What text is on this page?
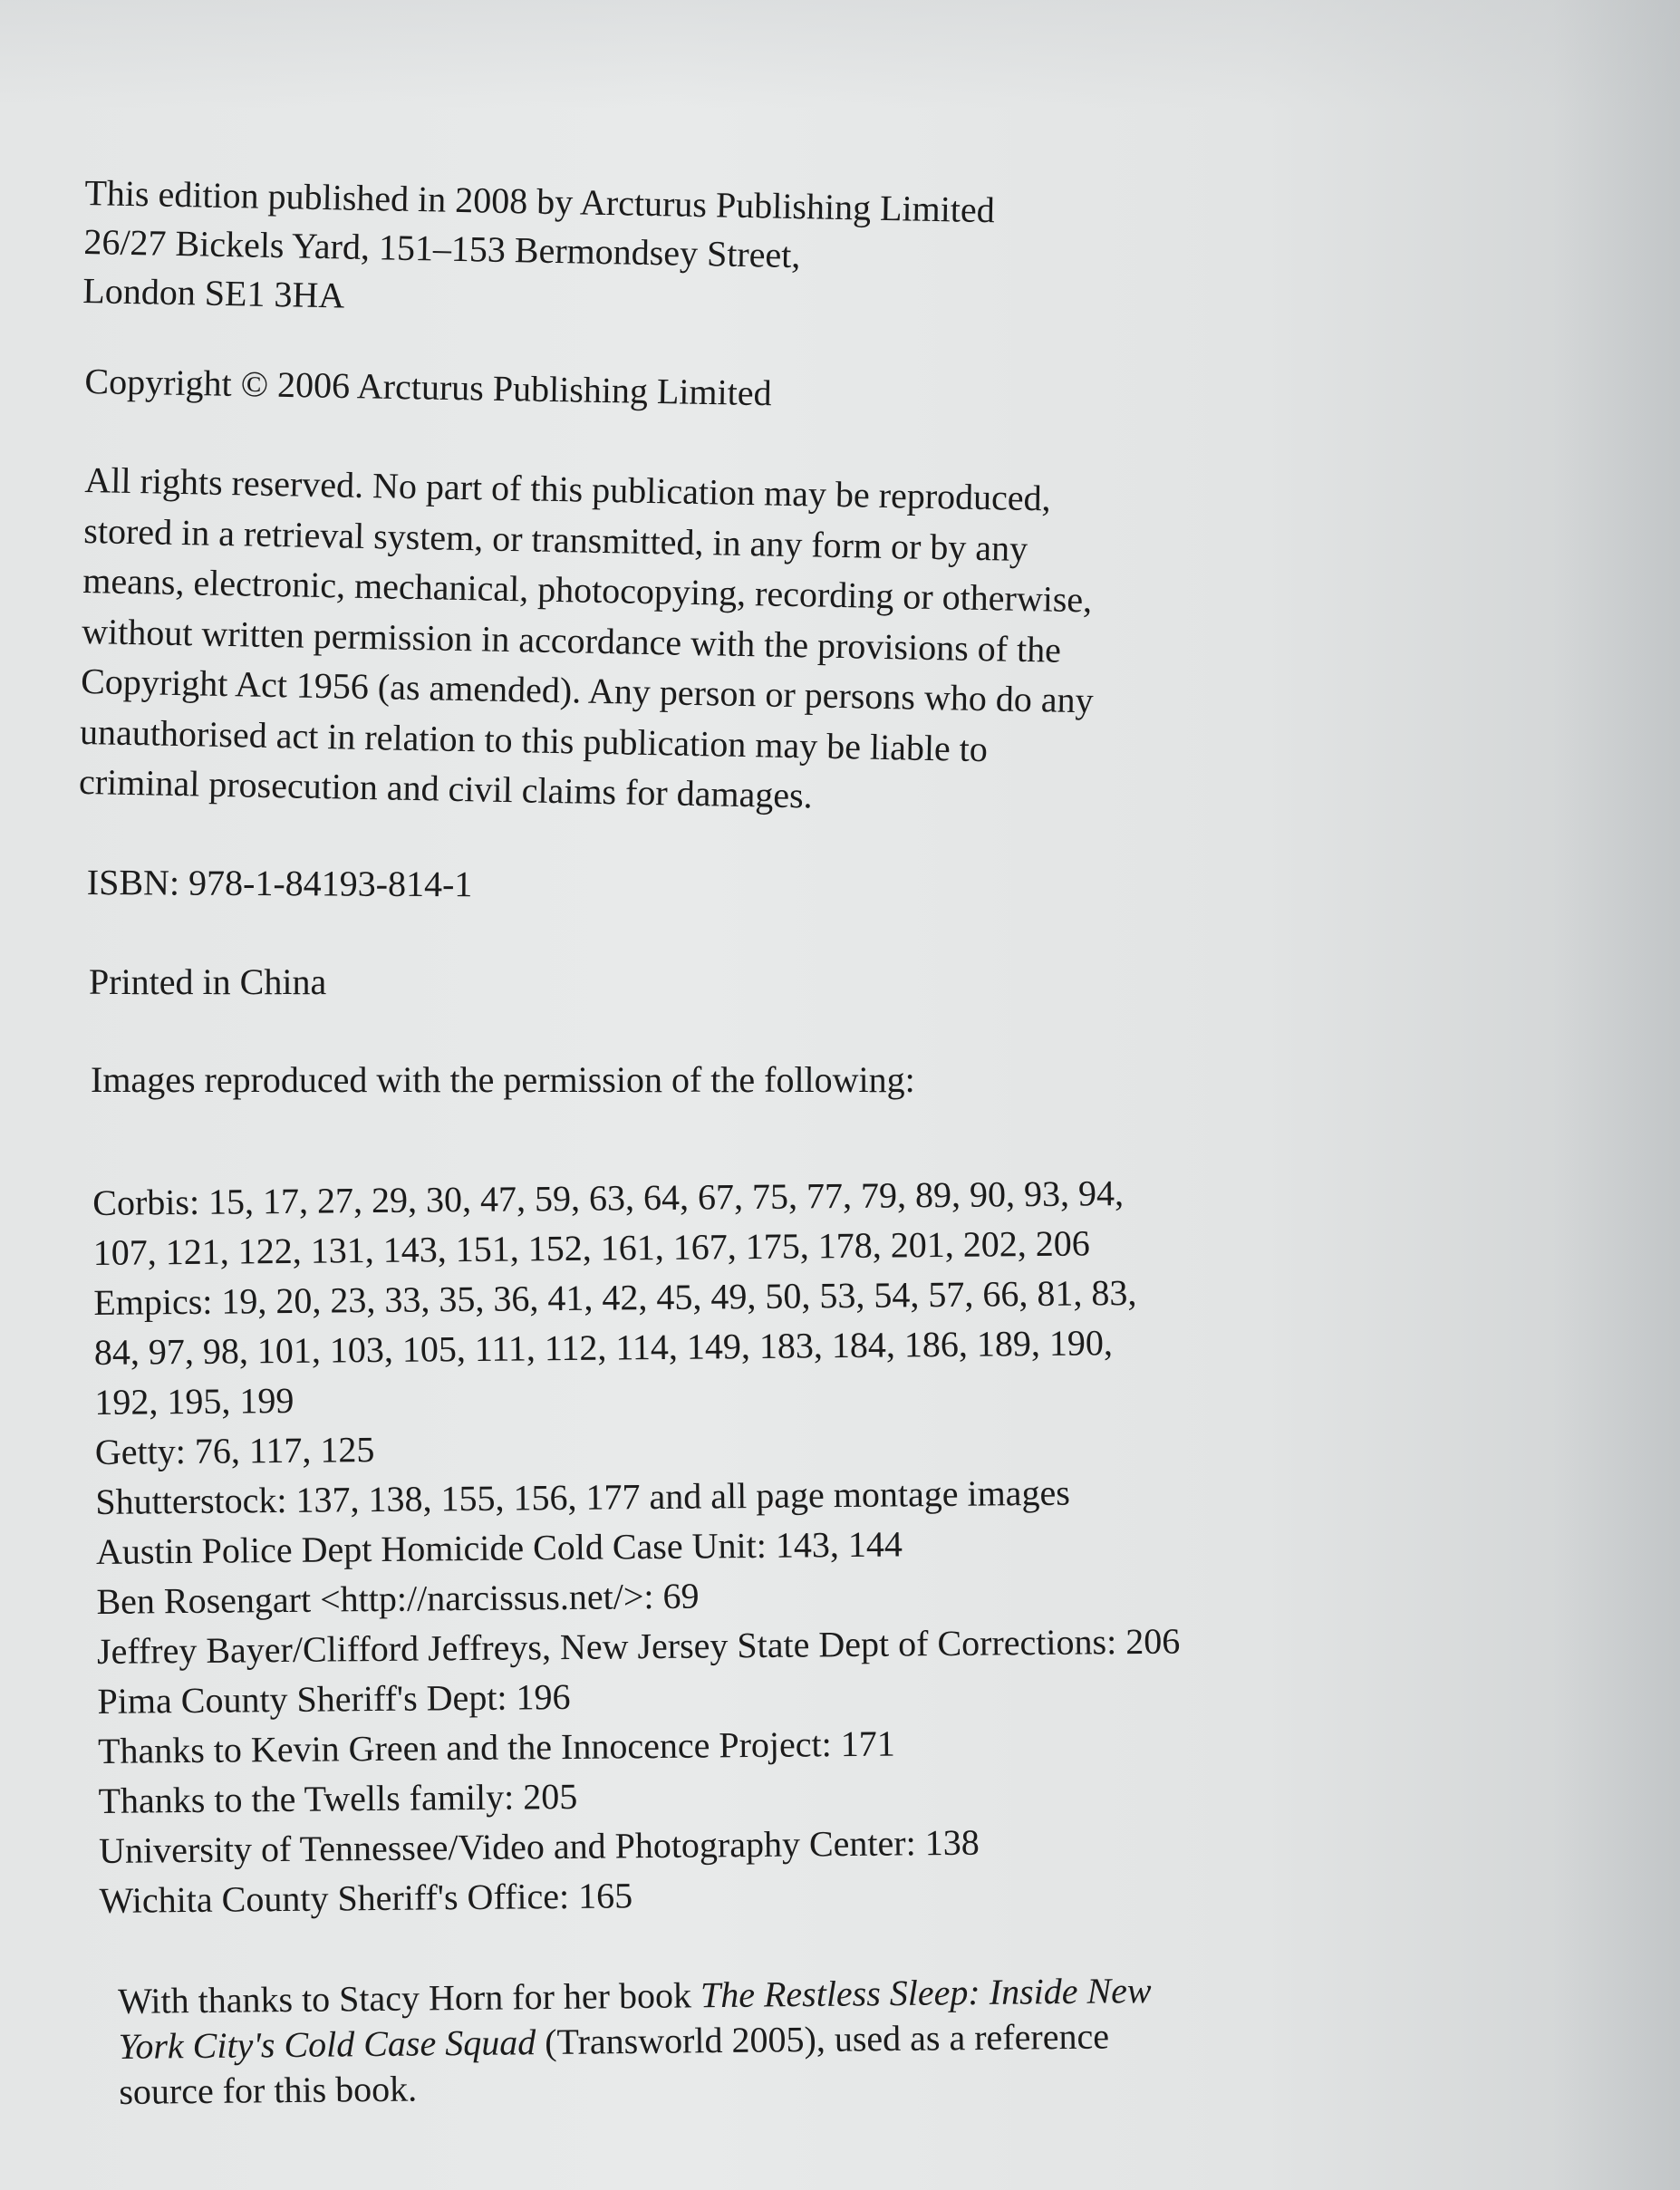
This edition published in 2008 by Arcturus Publishing Limited

26/27 Bickels Yard, 151–153 Bermondsey Street,

London SE1 3HA

Copyright © 2006 Arcturus Publishing Limited

All rights reserved. No part of this publication may be reproduced,

stored in a retrieval system, or transmitted, in any form or by any

means, electronic, mechanical, photocopying, recording or otherwise,

without written permission in accordance with the provisions of the

Copyright Act 1956 (as amended). Any person or persons who do any

unauthorised act in relation to this publication may be liable to

criminal prosecution and civil claims for damages.

ISBN: 978-1-84193-814-1

Printed in China

Images reproduced with the permission of the following:

Corbis: 15, 17, 27, 29, 30, 47, 59, 63, 64, 67, 75, 77, 79, 89, 90, 93, 94,

107, 121, 122, 131, 143, 151, 152, 161, 167, 175, 178, 201, 202, 206

Empics: 19, 20, 23, 33, 35, 36, 41, 42, 45, 49, 50, 53, 54, 57, 66, 81, 83,

84, 97, 98, 101, 103, 105, 111, 112, 114, 149, 183, 184, 186, 189, 190,

192, 195, 199

Getty: 76, 117, 125

Shutterstock: 137, 138, 155, 156, 177 and all page montage images

Austin Police Dept Homicide Cold Case Unit: 143, 144

Ben Rosengart <http://narcissus.net/>: 69

Jeffrey Bayer/Clifford Jeffreys, New Jersey State Dept of Corrections: 206

Pima County Sheriff's Dept: 196

Thanks to Kevin Green and the Innocence Project: 171

Thanks to the Twells family: 205

University of Tennessee/Video and Photography Center: 138

Wichita County Sheriff's Office: 165

With thanks to Stacy Horn for her book The Restless Sleep: Inside New

York City's Cold Case Squad (Transworld 2005), used as a reference

source for this book.
